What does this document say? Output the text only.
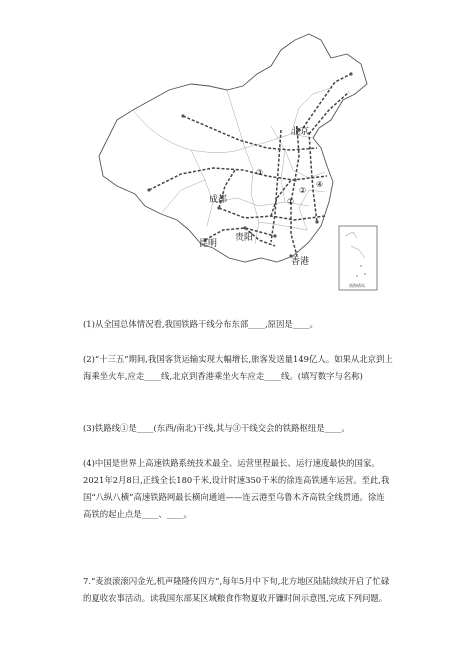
①
②
③
④
北京
成都
贵阳
昆明
香港
南海诸岛

(1)从全国总体情况看,我国铁路干线分布东部____,原因是____。

(2)“十三五”期间,我国客货运输实现大幅增长,旅客发送量149亿人。如果从北京到上海乘坐火车,应走____线,北京到香港乘坐火车应走____线。(填写数字与名称)

(3)铁路线①是____(东西/南北)干线,其与③干线交会的铁路枢纽是____。

(4)中国是世界上高速铁路系统技术最全、运营里程最长、运行速度最快的国家。2021年2月8日,正线全长180千米,设计时速350千米的徐连高铁通车运营。至此,我国“八纵八横”高速铁路网最长横向通道——连云港至乌鲁木齐高铁全线贯通。徐连高铁的起止点是____、____。

7.“麦浪滚滚闪金光,机声隆隆传四方”,每年5月中下旬,北方地区陆陆续续开启了忙碌的夏收农事活动。读我国东部某区域粮食作物夏收开镰时间示意图,完成下列问题。
